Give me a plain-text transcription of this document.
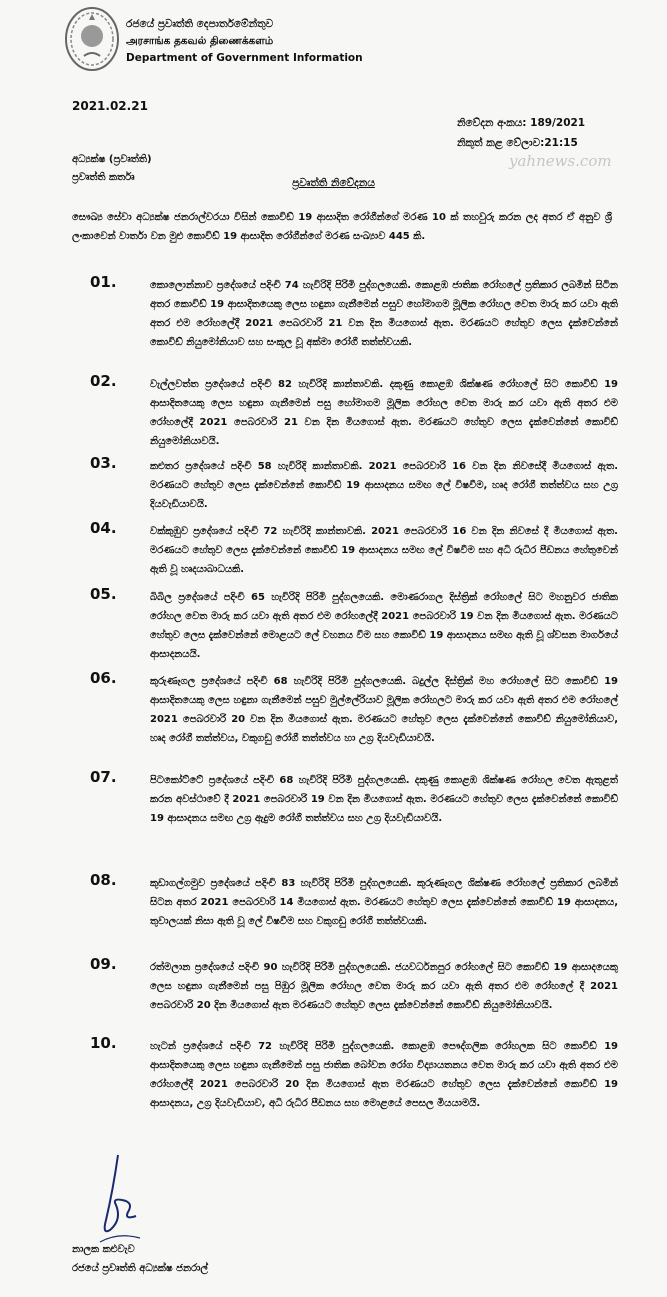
රජයේ ප්‍රවෘත්ති දෙපාර්තමේන්තුව
அரசாங்க தகவல் திணைக்களம்
Department of Government Information
2021.02.21
නිවේදන අංකය: 189/2021
නිකුත් කළ වේලාව:21:15
yahnews.com
අධ්‍යක්ෂ (ප්‍රවෘත්ති)
ප්‍රවෘත්ති කර්තෘ	ප්‍රවෘත්ති නිවේදනය
සෞඛ්‍ය සේවා අධ්‍යක්ෂ ජනරාල්වරයා විසින් කොවිඩ් 19 ආසාදිත රෝගීන්ගේ මරණ 10 ක් තහවුරු කරන ලද අතර ඒ අනුව ශ්‍රී ලංකාවෙන් වාර්තා වන මුළු කොවිඩ් 19 ආසාදිත රෝගීන්ගේ මරණ සංඛ්‍යාව 445 කි.
01.	කොලොන්නාව ප්‍රදේශයේ පදිංචි 74 හැවිරිදි පිරිමි පුද්ගලයෙකි. කොළඹ ජාතික රෝහලේ ප්‍රතිකාර ලබමින් සිටින අතර කොවිඩ් 19 ආසාදිතයෙකු ලෙස හඳුනා ගැනීමෙන් පසුව හෝමාගම මූලික රෝහල වෙත මාරු කර යවා ඇති අතර එම රෝහලේදී 2021 පෙබරවාරි 21 වන දින මියගොස් ඇත. මරණයට හේතුව ලෙස දැක්වෙන්නේ කොවිඩ් නියුමෝනියාව සහ සංකූල වූ අක්මා රෝගී තත්ත්වයකි.
02.	වැල්ලවත්ත ප්‍රදේශයේ පදිංචි 82 හැවිරිදි කාන්තාවකි. දකුණු කොළඹ ශික්ෂණ රෝහලේ සිට කොවිඩ් 19 ආසාදිතයෙකු ලෙස හඳුනා ගැනීමෙන් පසු හෝමාගම මූලික රෝහල වෙත මාරු කර යවා ඇති අතර එම රෝහලේදී 2021 පෙබරවාරි 21 වන දින මියගොස් ඇත. මරණයට හේතුව ලෙස දැක්වෙන්නේ කොවිඩ් නියුමෝනියාවයි.
03.	කළුතර ප්‍රදේශයේ පදිංචි 58 හැවිරිදි කාන්තාවකි. 2021 පෙබරවාරි 16 වන දින නිවසේදී මියගොස් ඇත. මරණයට හේතුව ලෙස දැක්වෙන්නේ කොවිඩ් 19 ආසාදනය සමඟ ලේ විෂවීම, හෘද රෝගී තත්ත්වය සහ උග්‍ර දියවැඩියාවයි.
04.	වක්කුඹුව ප්‍රදේශයේ පදිංචි 72 හැවිරිදි කාන්තාවකි. 2021 පෙබරවාරි 16 වන දින නිවසේ දී මියගොස් ඇත. මරණයට හේතුව ලෙස දැක්වෙන්නේ කොවිඩ් 19 ආසාදනය සමඟ ලේ විෂවීම සහ අධි රුධිර පීඩනය හේතුවෙන් ඇති වූ හෘදයාබාධයකි.
05.	බිබිල ප්‍රදේශයේ පදිංචි 65 හැවිරිදි පිරිමි පුද්ගලයෙකි. මොණරාගල දිස්ත්‍රික් රෝහලේ සිට මහනුවර ජාතික රෝහල වෙත මාරු කර යවා ඇති අතර එම රෝහලේදී 2021 පෙබරවාරි 19 වන දින මියගොස් ඇත. මරණයට හේතුව ලෙස දැක්වෙන්නේ මොළයට ලේ වහනය වීම සහ කොවිඩ් 19 ආසාදනය සමඟ ඇති වූ ශ්වසන මාර්ගයේ ආසාදනයයි.
06.	කුරුණෑගල ප්‍රදේශයේ පදිංචි 68 හැවිරිදි පිරිමි පුද්ගලයෙකි. බදුල්ල දිස්ත්‍රික් මහ රෝහලේ සිට කොවිඩ් 19 ආසාදිතයෙකු ලෙස හඳුනා ගැනීමෙන් පසුව මුල්ලේරියාව මූලික රෝහලට මාරු කර යවා ඇති අතර එම රෝහලේ 2021 පෙබරවාරි 20 වන දින මියගොස් ඇත. මරණයට හේතුව ලෙස දැක්වෙන්නේ කොවිඩ් නියුමෝනියාව, හෘද රෝගී තත්ත්වය, වකුගඩු රෝගී තත්ත්වය හා උග්‍ර දියවැඩියාවයි.
07.	පිටකෝට්ටේ ප්‍රදේශයේ පදිංචි 68 හැවිරිදි පිරිමි පුද්ගලයෙකි. දකුණු කොළඹ ශික්ෂණ රෝහල වෙත ඇතුළත් කරන අවස්ථාවේ දී 2021 පෙබරවාරි 19 වන දින මියගොස් ඇත. මරණයට හේතුව ලෙස දැක්වෙන්නේ කොවිඩ් 19 ආසාදනය සමඟ උග්‍ර ඇදුම රෝගී තත්ත්වය සහ උග්‍ර දියවැඩියාවයි.
08.	කුඩාගල්ගමුව ප්‍රදේශයේ පදිංචි 83 හැවිරිදි පිරිමි පුද්ගලයෙකි. කුරුණෑගල ශික්ෂණ රෝහලේ ප්‍රතිකාර ලබමින් සිටන අතර 2021 පෙබරවාරි 14 මියගොස් ඇත. මරණයට හේතුව ලෙස දැක්වෙන්නේ කොවිඩ් 19 ආසාදනය, තුවාලයක් නිසා ඇති වූ ලේ විෂවීම සහ වකුගඩු රෝගී තත්ත්වයකි.
09.	රත්මලාන ප්‍රදේශයේ පදිංචි 90 හැවිරිදි පිරිමි පුද්ගලයෙකි. ජයවර්ධනපුර රෝහලේ සිට කොවිඩ් 19 ආසාදයෙකු ලෙස හඳුනා ගැනීමෙන් පසු පිඹුර මූලික රෝහල වෙත මාරු කර යවා ඇති අතර එම රෝහලේ දී 2021 පෙබරවාරි 20 දින මියගොස් ඇත මරණයට හේතුව ලෙස දැක්වෙන්නේ කොවිඩ් නියුමෝනියාවයි.
10.	හැටන් ප්‍රදේශයේ පදිංචි 72 හැවිරිදි පිරිමි පුද්ගලයෙකි. කොළඹ පෞද්ගලික රෝහලක සිට කොවිඩ් 19 ආසාදිතයෙකු ලෙස හඳුනා ගැනීමෙන් පසු ජාතික බෝවන රෝග විද්‍යායතනය වෙත මාරු කර යවා ඇති අතර එම රෝහලේදී 2021 පෙබරවාරි 20 දින මියගොස් ඇත මරණයට හේතුව ලෙස දැක්වෙන්නේ කොවිඩ් 19 ආසාදනය, උග්‍ර දියවැඩියාව, අධි රුධිර පීඩනය සහ මොළයේ පෙසල මියයාමයි.
නාලක කළුවැව
රජයේ ප්‍රවෘත්ති අධ්‍යක්ෂ ජනරාල්
